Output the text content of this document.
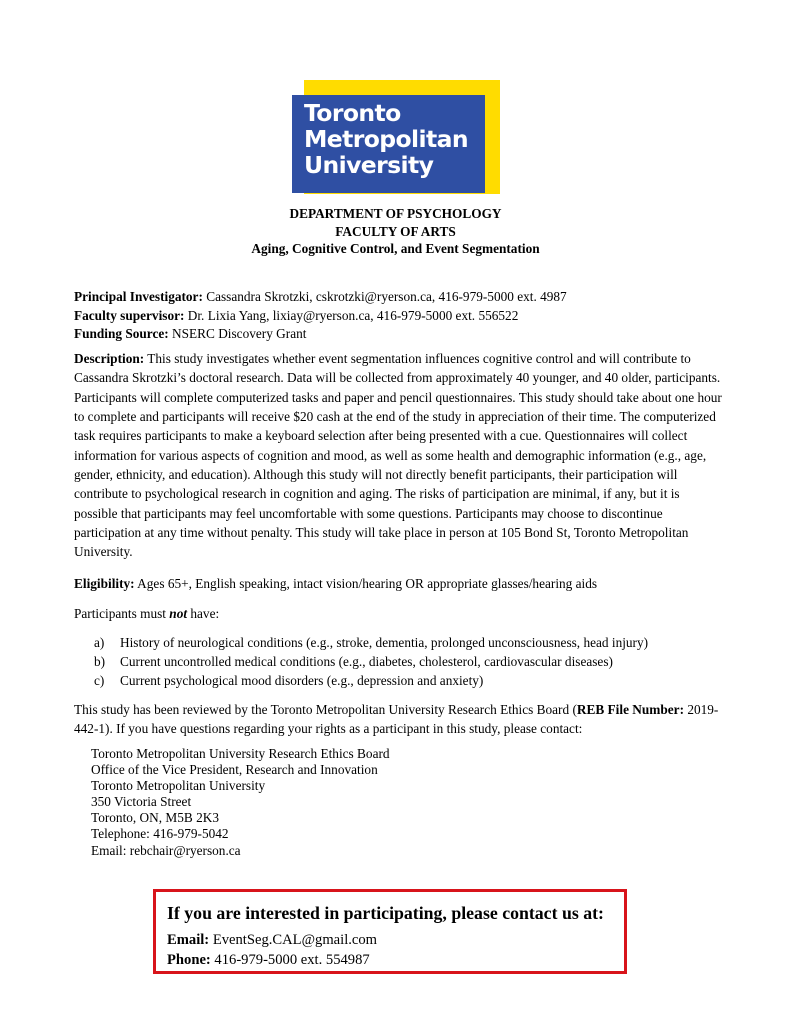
Toronto
Metropolitan
University
DEPARTMENT OF PSYCHOLOGY
FACULTY OF ARTS
Aging, Cognitive Control, and Event Segmentation
Principal Investigator: Cassandra Skrotzki, cskrotzki@ryerson.ca, 416-979-5000 ext. 4987
Faculty supervisor: Dr. Lixia Yang, lixiay@ryerson.ca, 416-979-5000 ext. 556522
Funding Source: NSERC Discovery Grant
Description: This study investigates whether event segmentation influences cognitive control and will contribute to Cassandra Skrotzki’s doctoral research. Data will be collected from approximately 40 younger, and 40 older, participants. Participants will complete computerized tasks and paper and pencil questionnaires. This study should take about one hour to complete and participants will receive $20 cash at the end of the study in appreciation of their time. The computerized task requires participants to make a keyboard selection after being presented with a cue. Questionnaires will collect information for various aspects of cognition and mood, as well as some health and demographic information (e.g., age, gender, ethnicity, and education). Although this study will not directly benefit participants, their participation will contribute to psychological research in cognition and aging. The risks of participation are minimal, if any, but it is possible that participants may feel uncomfortable with some questions. Participants may choose to discontinue participation at any time without penalty. This study will take place in person at 105 Bond St, Toronto Metropolitan University.
Eligibility: Ages 65+, English speaking, intact vision/hearing OR appropriate glasses/hearing aids
Participants must not have:
a) History of neurological conditions (e.g., stroke, dementia, prolonged unconsciousness, head injury)
b) Current uncontrolled medical conditions (e.g., diabetes, cholesterol, cardiovascular diseases)
c) Current psychological mood disorders (e.g., depression and anxiety)
This study has been reviewed by the Toronto Metropolitan University Research Ethics Board (REB File Number: 2019-442-1). If you have questions regarding your rights as a participant in this study, please contact:
Toronto Metropolitan University Research Ethics Board
Office of the Vice President, Research and Innovation
Toronto Metropolitan University
350 Victoria Street
Toronto, ON, M5B 2K3
Telephone: 416-979-5042
Email: rebchair@ryerson.ca
If you are interested in participating, please contact us at:
Email: EventSeg.CAL@gmail.com
Phone: 416-979-5000 ext. 554987
